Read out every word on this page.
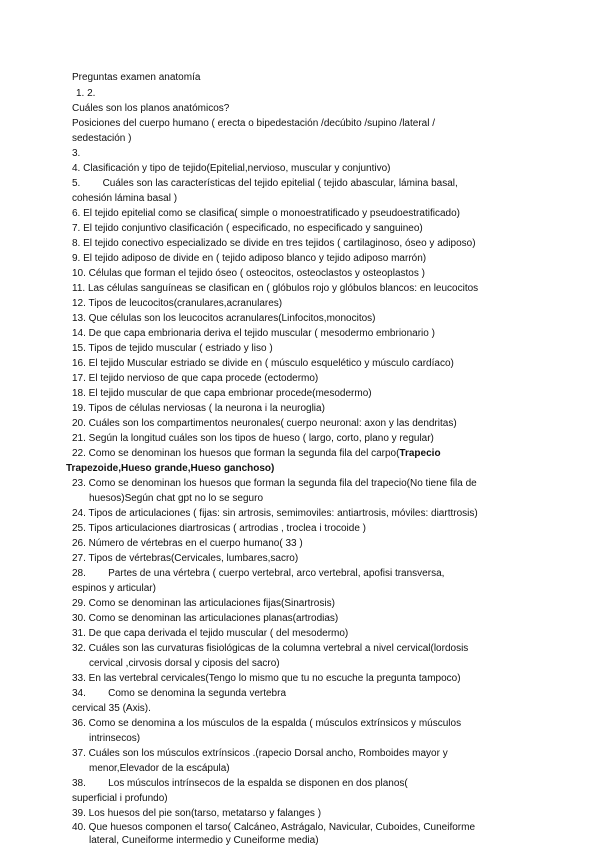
Preguntas examen anatomía
1. 2.
Cuáles son los planos anatómicos?
Posiciones del cuerpo humano ( erecta o bipedestación /decúbito /supino /lateral /
sedestación )
3.
4. Clasificación y tipo de tejido(Epitelial,nervioso, muscular y conjuntivo)
5.        Cuáles son las características del tejido epitelial ( tejido abascular, lámina basal,
cohesión lámina basal )
6. El tejido epitelial como se clasifica( simple o monoestratificado y pseudoestratificado)
7. El tejido conjuntivo clasificación ( especificado, no especificado y sanguineo)
8. El tejido conectivo especializado se divide en tres tejidos ( cartilaginoso, óseo y adiposo)
9. El tejido adiposo de divide en ( tejido adiposo blanco y tejido adiposo marrón)
10. Células que forman el tejido óseo ( osteocitos, osteoclastos y osteoplastos )
11. Las células sanguíneas se clasifican en ( glóbulos rojo y glóbulos blancos: en leucocitos
12. Tipos de leucocitos(cranulares,acranulares)
13. Que células son los leucocitos acranulares(Linfocitos,monocitos)
14. De que capa embrionaria deriva el tejido muscular ( mesodermo embrionario )
15. Tipos de tejido muscular ( estriado y liso )
16. El tejido Muscular estriado se divide en ( músculo esquelético y músculo cardíaco)
17. El tejido nervioso de que capa procede (ectodermo)
18. El tejido muscular de que capa embrionar procede(mesodermo)
19. Tipos de células nerviosas ( la neurona i la neuroglia)
20. Cuáles son los compartimentos neuronales( cuerpo neuronal: axon y las dendritas)
21. Según la longitud cuáles son los tipos de hueso ( largo, corto, plano y regular)
22. Como se denominan los huesos que forman la segunda fila del carpo(Trapecio
Trapezoide,Hueso grande,Hueso ganchoso)
23. Como se denominan los huesos que forman la segunda fila del trapecio(No tiene fila de
huesos)Según chat gpt no lo se seguro
24. Tipos de articulaciones ( fijas: sin artrosis, semimoviles: antiartrosis, móviles: diarttrosis)
25. Tipos articulaciones diartrosicas ( artrodias , troclea i trocoide )
26. Número de vértebras en el cuerpo humano( 33 )
27. Tipos de vértebras(Cervicales, lumbares,sacro)
28.        Partes de una vértebra ( cuerpo vertebral, arco vertebral, apofisi transversa,
espinos y articular)
29. Como se denominan las articulaciones fijas(Sinartrosis)
30. Como se denominan las articulaciones planas(artrodias)
31. De que capa derivada el tejido muscular ( del mesodermo)
32. Cuáles son las curvaturas fisiológicas de la columna vertebral a nivel cervical(lordosis
cervical ,cirvosis dorsal y ciposis del sacro)
33. En las vertebral cervicales(Tengo lo mismo que tu no escuche la pregunta tampoco)
34.        Como se denomina la segunda vertebra
cervical 35 (Axis).
36. Como se denomina a los músculos de la espalda ( músculos extrínsicos y músculos
intrinsecos)
37. Cuáles son los músculos extrínsicos .(rapecio Dorsal ancho, Romboides mayor y
menor,Elevador de la escápula)
38.        Los músculos intrínsecos de la espalda se disponen en dos planos(
superficial i profundo)
39. Los huesos del pie son(tarso, metatarso y falanges )
40. Que huesos componen el tarso( Calcáneo, Astrágalo, Navicular, Cuboides, Cuneiforme
lateral, Cuneiforme intermedio y Cuneiforme media)
